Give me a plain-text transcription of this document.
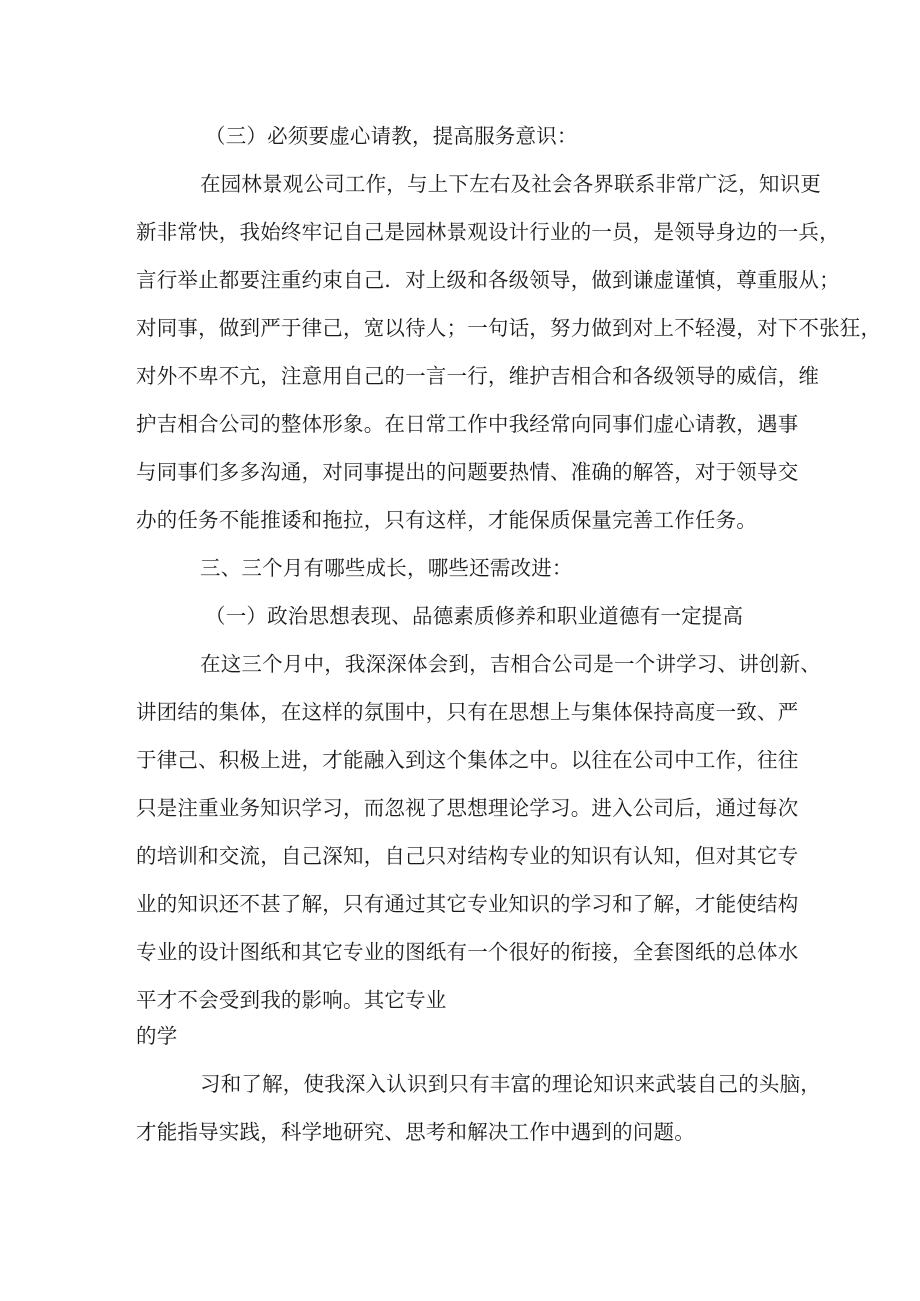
（三）必须要虚心请教，提高服务意识：

在园林景观公司工作，与上下左右及社会各界联系非常广泛，知识更

新非常快，我始终牢记自己是园林景观设计行业的一员，是领导身边的一兵，

言行举止都要注重约束自己．对上级和各级领导，做到谦虚谨慎，尊重服从；

对同事，做到严于律己，宽以待人；一句话，努力做到对上不轻漫，对下不张狂，

对外不卑不亢，注意用自己的一言一行，维护吉相合和各级领导的威信，维

护吉相合公司的整体形象。在日常工作中我经常向同事们虚心请教，遇事

与同事们多多沟通，对同事提出的问题要热情、准确的解答，对于领导交

办的任务不能推诿和拖拉，只有这样，才能保质保量完善工作任务。

三、三个月有哪些成长，哪些还需改进：

（一）政治思想表现、品德素质修养和职业道德有一定提高

在这三个月中，我深深体会到，吉相合公司是一个讲学习、讲创新、

讲团结的集体，在这样的氛围中，只有在思想上与集体保持高度一致、严

于律己、积极上进，才能融入到这个集体之中。以往在公司中工作，往往

只是注重业务知识学习，而忽视了思想理论学习。进入公司后，通过每次

的培训和交流，自己深知，自己只对结构专业的知识有认知，但对其它专

业的知识还不甚了解，只有通过其它专业知识的学习和了解，才能使结构

专业的设计图纸和其它专业的图纸有一个很好的衔接，全套图纸的总体水

平才不会受到我的影响。其它专业

的学

习和了解，使我深入认识到只有丰富的理论知识来武装自己的头脑，

才能指导实践，科学地研究、思考和解决工作中遇到的问题。
